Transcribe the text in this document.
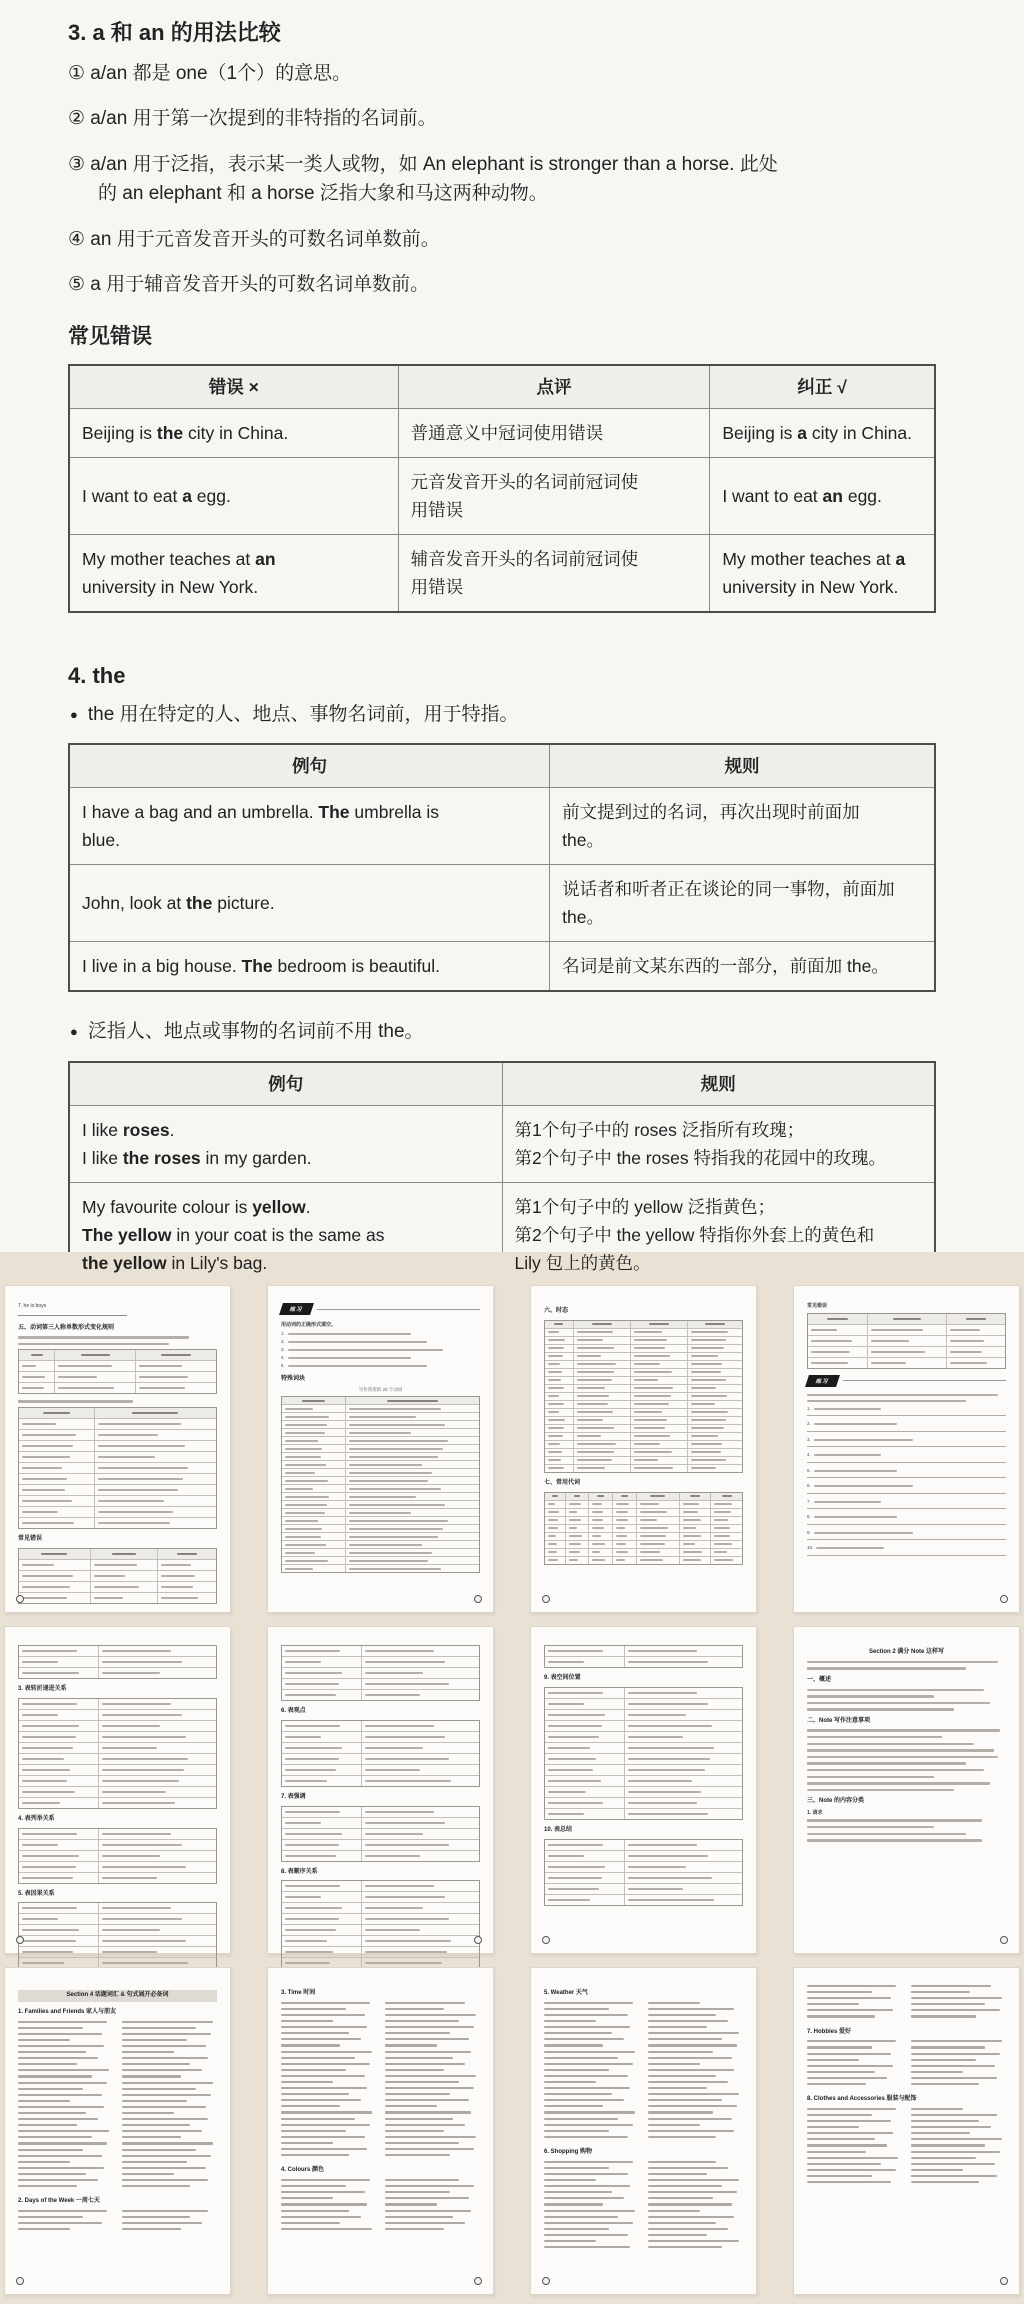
3. a 和 an 的用法比较
① a/an 都是 one（1个）的意思。
② a/an 用于第一次提到的非特指的名词前。
③ a/an 用于泛指，表示某一类人或物，如 An elephant is stronger than a horse. 此处
的 an elephant 和 a horse 泛指大象和马这两种动物。
④ an 用于元音发音开头的可数名词单数前。
⑤ a 用于辅音发音开头的可数名词单数前。
常见错误
错误 ×	点评	纠正 √
Beijing is the city in China.	普通意义中冠词使用错误	Beijing is a city in China.
I want to eat a egg.	元音发音开头的名词前冠词使
用错误	I want to eat an egg.
My mother teaches at an
university in New York.	辅音发音开头的名词前冠词使
用错误	My mother teaches at a
university in New York.
4. the
● the 用在特定的人、地点、事物名词前，用于特指。
例句	规则
I have a bag and an umbrella. The umbrella is
blue.	前文提到过的名词，再次出现时前面加
the。
John, look at the picture.	说话者和听者正在谈论的同一事物，前面加
the。
I live in a big house. The bedroom is beautiful.	名词是前文某东西的一部分，前面加 the。
● 泛指人、地点或事物的名词前不用 the。
例句	规则
I like roses.
I like the roses in my garden.	第1个句子中的 roses 泛指所有玫瑰；
第2个句子中 the roses 特指我的花园中的玫瑰。
My favourite colour is yellow.
The yellow in your coat is the same as
the yellow in Lily's bag.	第1个句子中的 yellow 泛指黄色；
第2个句子中 the yellow 特指你外套上的黄色和
Lily 包上的黄色。
7. he is boys
五、动词第三人称单数形式变化规则
常见错误
练习
用动词的正确形式填空。
1.
2.
3.
4.
5.
特殊词块
写作常用的 20 个动词
六、时态
七、常用代词
常见错误
练习
1.
2.
3.
4.
5.
6.
7.
8.
9.
10.
3. 表转折递进关系
4. 表列举关系
5. 表因果关系
6. 表观点
7. 表强调
8. 表顺序关系
9. 表空间位置
10. 表总结
Section 2 满分 Note 这样写
一、概述
二、Note 写作注意事项
三、Note 的内容分类
1. 请求
Section 4 话题词汇 & 句式展开必备词
1. Families and Friends 家人与朋友
2. Days of the Week 一周七天
3. Time 时间
4. Colours 颜色
5. Weather 天气
6. Shopping 购物
7. Hobbies 爱好
8. Clothes and Accessories 服装与配饰
